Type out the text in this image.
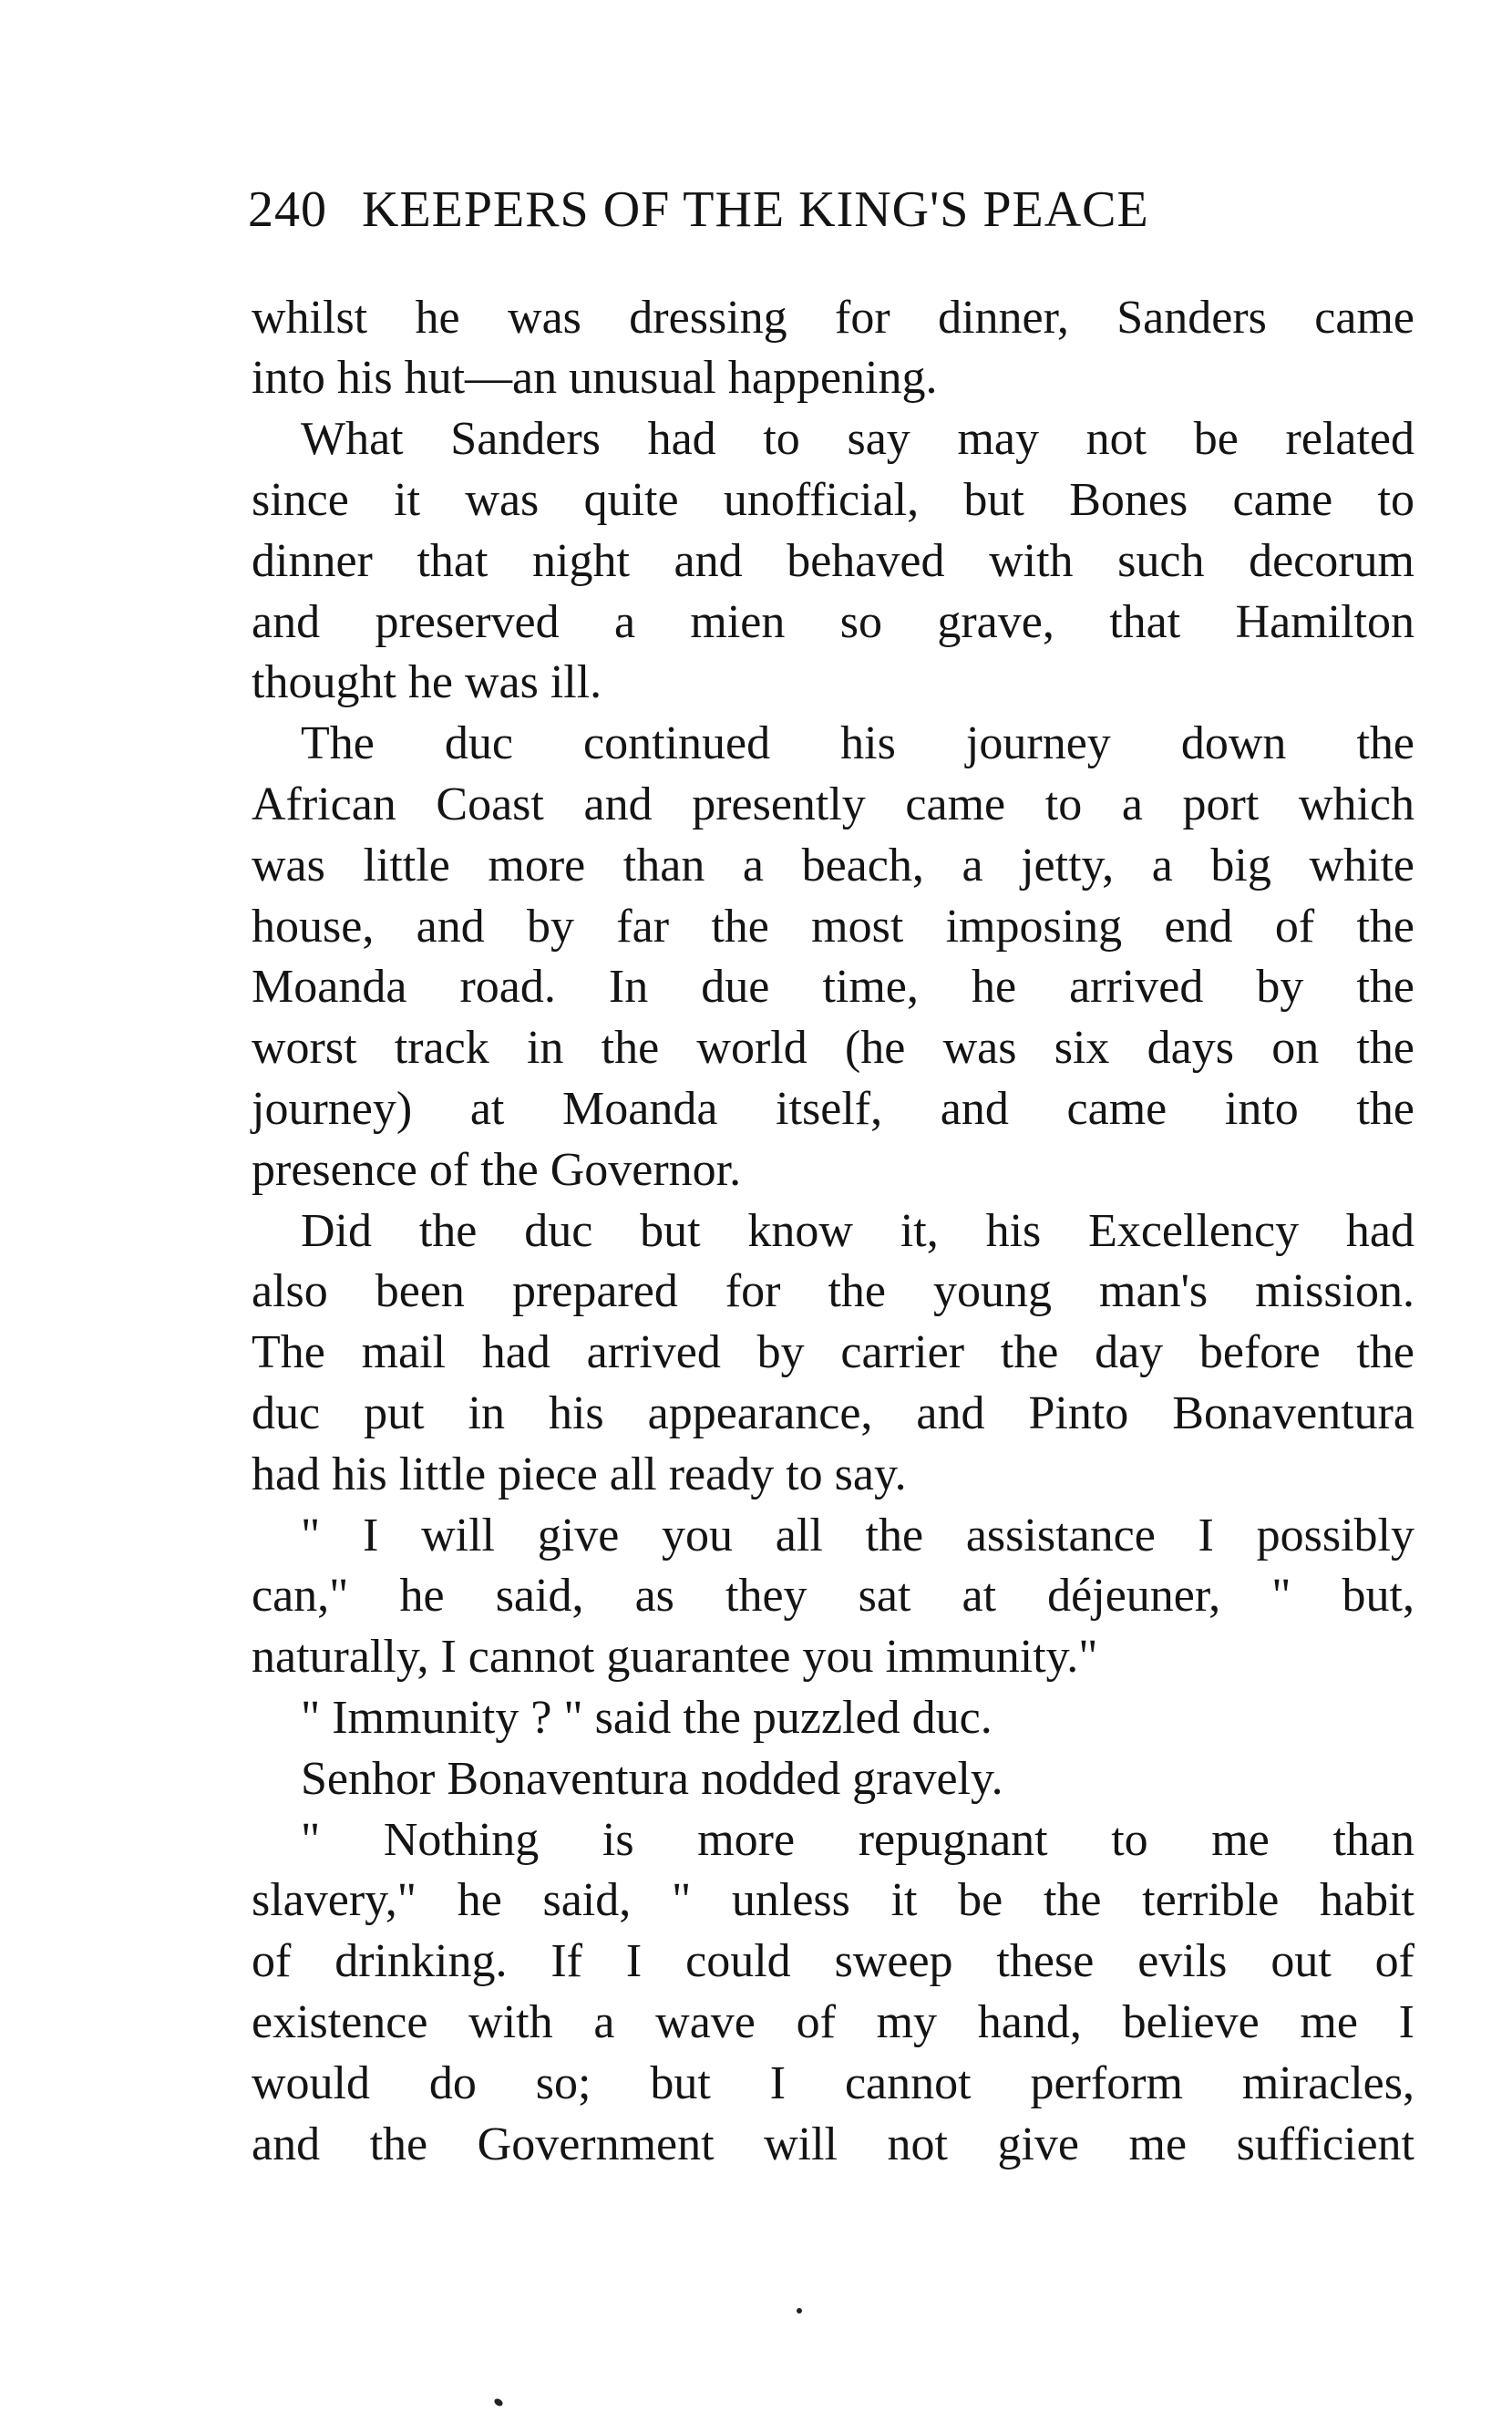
240 KEEPERS OF THE KING'S PEACE
whilst he was dressing for dinner, Sanders came
into his hut—an unusual happening.
What Sanders had to say may not be related
since it was quite unofficial, but Bones came to
dinner that night and behaved with such decorum
and preserved a mien so grave, that Hamilton
thought he was ill.
The duc continued his journey down the
African Coast and presently came to a port which
was little more than a beach, a jetty, a big white
house, and by far the most imposing end of the
Moanda road. In due time, he arrived by the
worst track in the world (he was six days on the
journey) at Moanda itself, and came into the
presence of the Governor.
Did the duc but know it, his Excellency had
also been prepared for the young man's mission.
The mail had arrived by carrier the day before the
duc put in his appearance, and Pinto Bonaventura
had his little piece all ready to say.
" I will give you all the assistance I possibly
can," he said, as they sat at déjeuner, " but,
naturally, I cannot guarantee you immunity."
" Immunity ? " said the puzzled duc.
Senhor Bonaventura nodded gravely.
" Nothing is more repugnant to me than
slavery," he said, " unless it be the terrible habit
of drinking. If I could sweep these evils out of
existence with a wave of my hand, believe me I
would do so; but I cannot perform miracles,
and the Government will not give me sufficient
